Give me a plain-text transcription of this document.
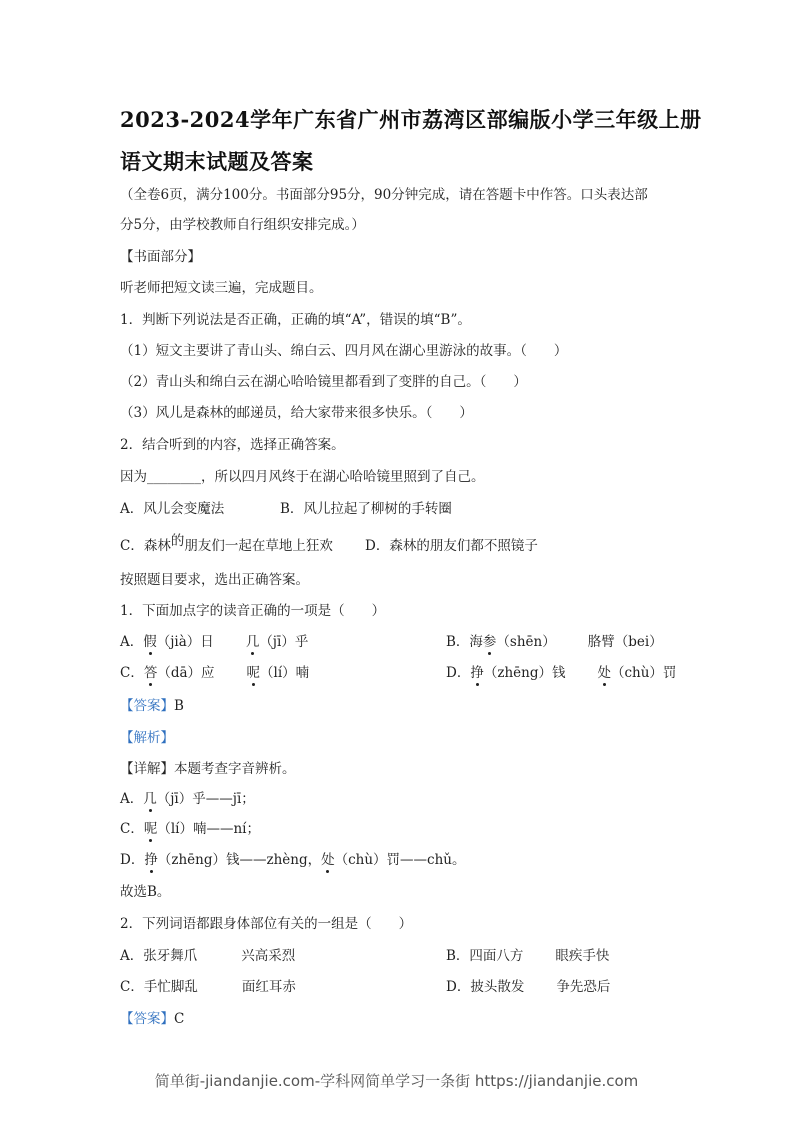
2023-2024学年广东省广州市荔湾区部编版小学三年级上册
语文期末试题及答案
（全卷6页，满分100分。书面部分95分，90分钟完成，请在答题卡中作答。口头表达部
分5分，由学校教师自行组织安排完成。）
【书面部分】
听老师把短文读三遍，完成题目。
1．判断下列说法是否正确，正确的填“A”，错误的填“B”。
（1）短文主要讲了青山头、绵白云、四月风在湖心里游泳的故事。（　　）
（2）青山头和绵白云在湖心哈哈镜里都看到了变胖的自己。（　　）
（3）风儿是森林的邮递员，给大家带来很多快乐。（　　）
2．结合听到的内容，选择正确答案。
因为________，所以四月风终于在湖心哈哈镜里照到了自己。
A．风儿会变魔法	B．风儿拉起了柳树的手转圈
C．森林的朋友们一起在草地上狂欢 D．森林的朋友们都不照镜子
按照题目要求，选出正确答案。
1．下面加点字的读音正确的一项是（　　）
A．假（jià）日 几（jī）乎	B．海参（shēn） 胳臂（bei）
C．答（dā）应 呢（lí）喃	D．挣（zhēng）钱 处（chù）罚
【答案】B
【解析】
【详解】本题考查字音辨析。
A．几（jī）乎——jī；
C．呢（lí）喃——ní；
D．挣（zhēng）钱——zhèng，处（chù）罚——chǔ。
故选B。
2．下列词语都跟身体部位有关的一组是（　　）
A．张牙舞爪	兴高采烈	B．四面八方 眼疾手快
C．手忙脚乱	面红耳赤	D．披头散发 争先恐后
【答案】C
简单街-jiandanjie.com-学科网简单学习一条街 https://jiandanjie.com
